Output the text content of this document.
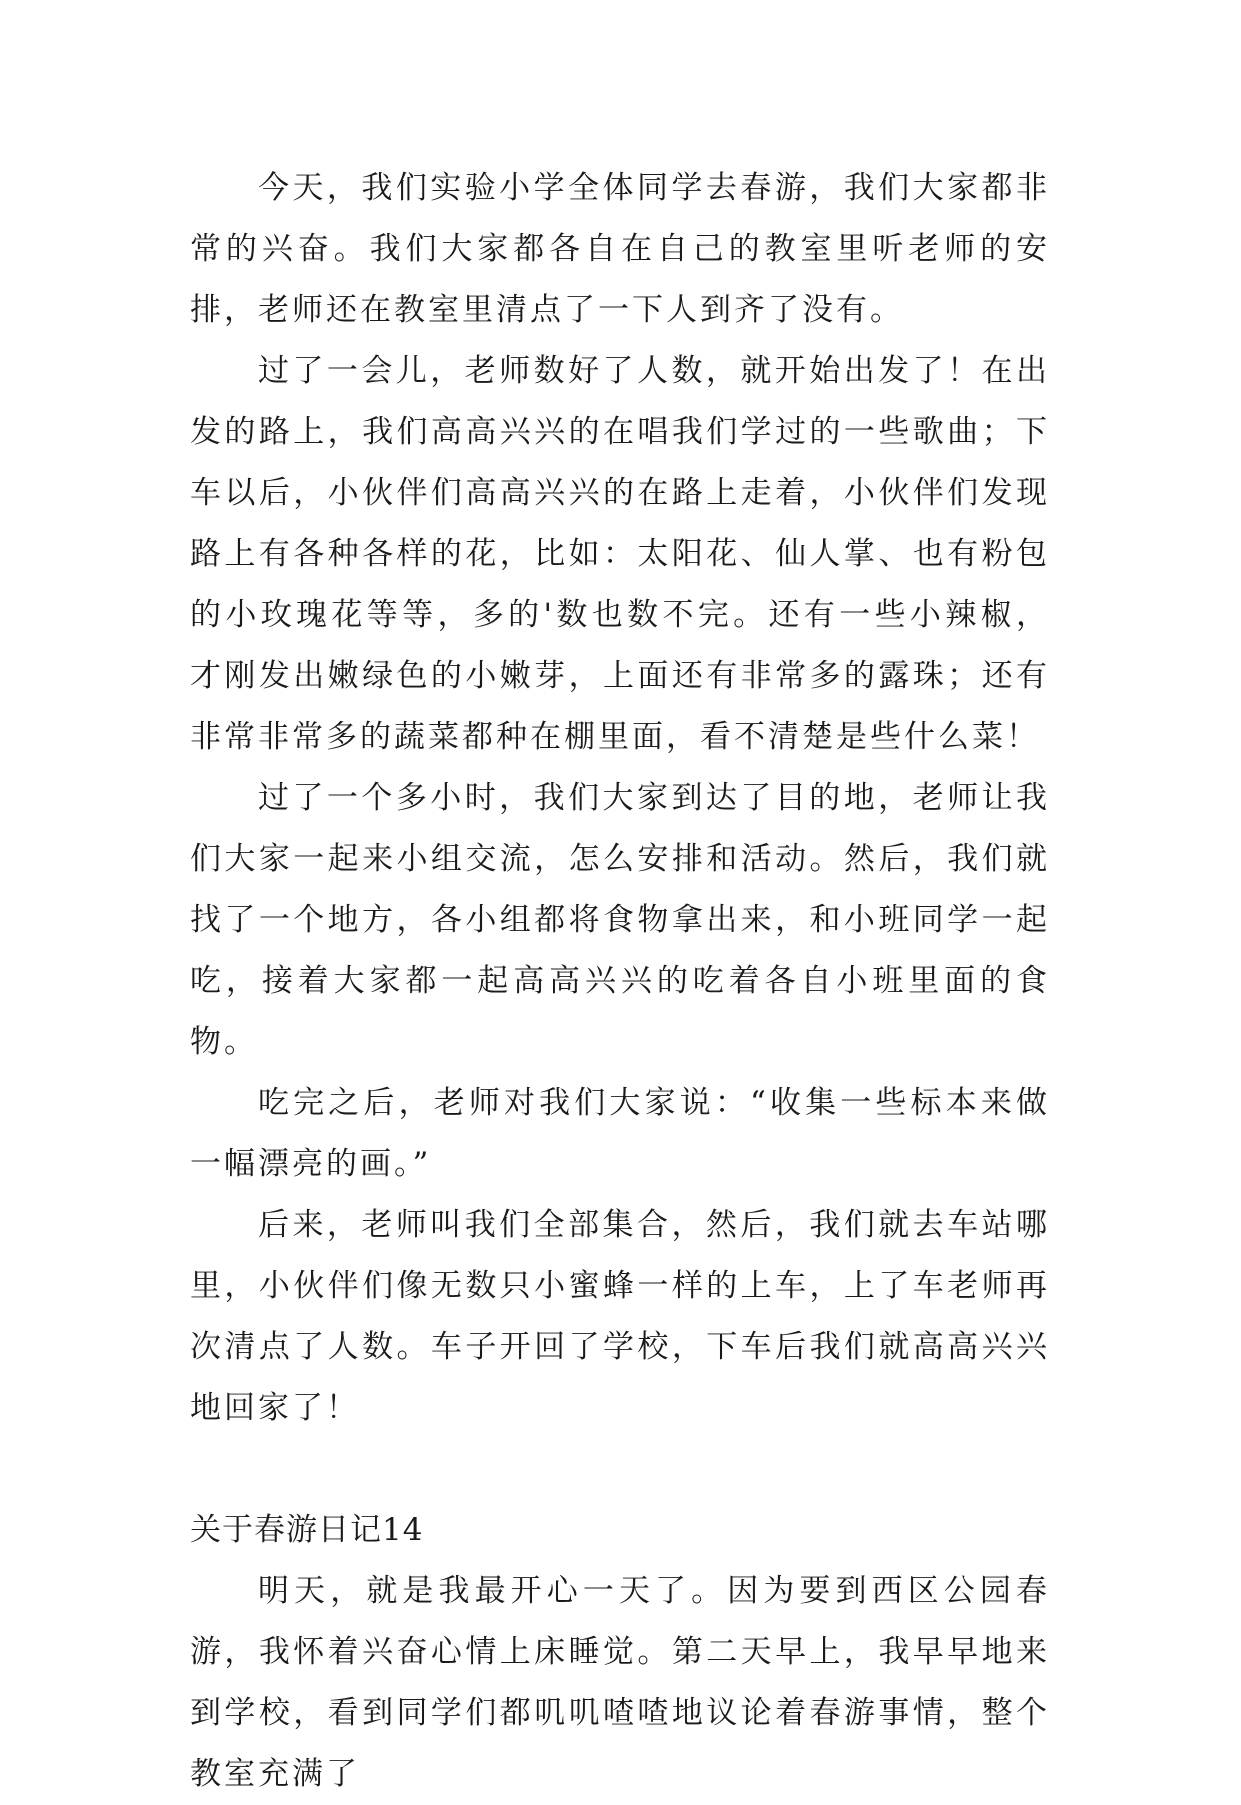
今天，我们实验小学全体同学去春游，我们大家都非常的兴奋。我们大家都各自在自己的教室里听老师的安排，老师还在教室里清点了一下人到齐了没有。

过了一会儿，老师数好了人数，就开始出发了！在出发的路上，我们高高兴兴的在唱我们学过的一些歌曲；下车以后，小伙伴们高高兴兴的在路上走着，小伙伴们发现路上有各种各样的花，比如：太阳花、仙人掌、也有粉包的小玫瑰花等等，多的'数也数不完。还有一些小辣椒，才刚发出嫩绿色的小嫩芽，上面还有非常多的露珠；还有非常非常多的蔬菜都种在棚里面，看不清楚是些什么菜！

过了一个多小时，我们大家到达了目的地，老师让我们大家一起来小组交流，怎么安排和活动。然后，我们就找了一个地方，各小组都将食物拿出来，和小班同学一起吃，接着大家都一起高高兴兴的吃着各自小班里面的食物。

吃完之后，老师对我们大家说：“收集一些标本来做一幅漂亮的画。”

后来，老师叫我们全部集合，然后，我们就去车站哪里，小伙伴们像无数只小蜜蜂一样的上车，上了车老师再次清点了人数。车子开回了学校，下车后我们就高高兴兴地回家了！

关于春游日记14

明天，就是我最开心一天了。因为要到西区公园春游，我怀着兴奋心情上床睡觉。第二天早上，我早早地来到学校，看到同学们都叽叽喳喳地议论着春游事情，整个教室充满了
